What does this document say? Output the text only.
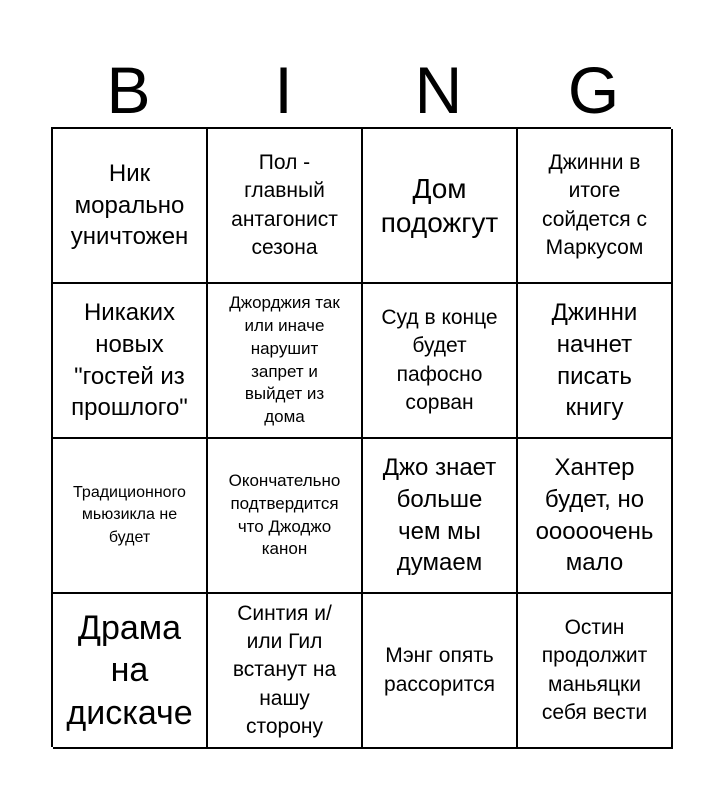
B	I	N	G
Ник
морально
уничтожен
Пол -
главный
антагонист
сезона
Дом
подожгут
Джинни в
итоге
сойдется с
Маркусом
Никаких
новых
"гостей из
прошлого"
Джорджия так
или иначе
нарушит
запрет и
выйдет из
дома
Суд в конце
будет
пафосно
сорван
Джинни
начнет
писать
книгу
Традиционного
мьюзикла не
будет
Окончательно
подтвердится
что Джоджо
канон
Джо знает
больше
чем мы
думаем
Хантер
будет, но
ооооочень
мало
Драма
на
дискаче
Синтия и/
или Гил
встанут на
нашу
сторону
Мэнг опять
рассорится
Остин
продолжит
маньяцки
себя вести
